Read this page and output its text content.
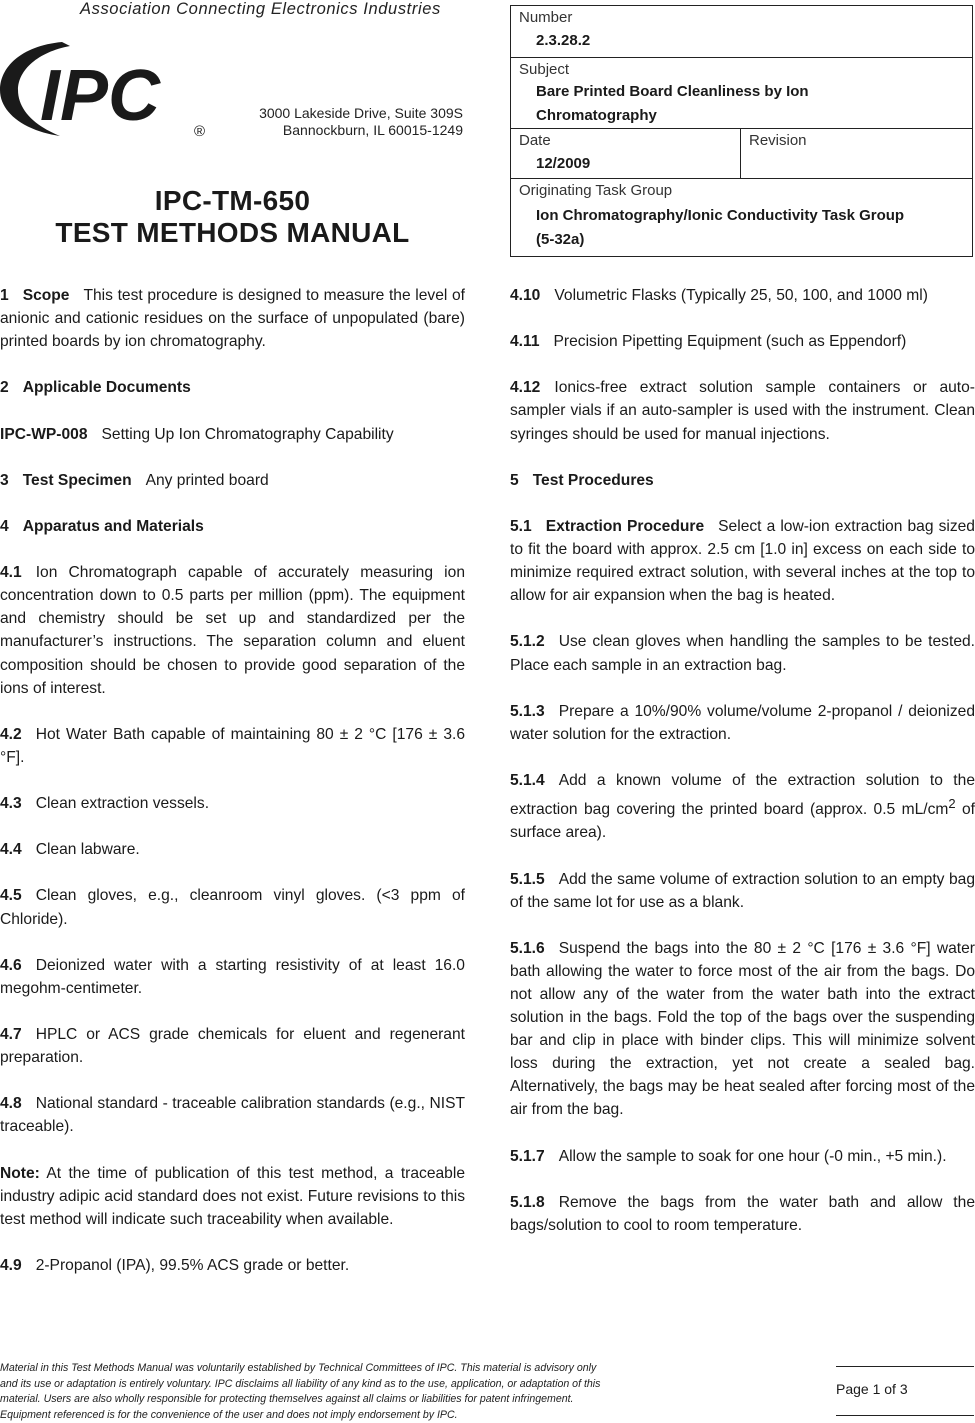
Association Connecting Electronics Industries
IPC ®
3000 Lakeside Drive, Suite 309S
Bannockburn, IL 60015-1249
IPC-TM-650
TEST METHODS MANUAL
Number
2.3.28.2
Subject
Bare Printed Board Cleanliness by Ion
Chromatography
Date
12/2009
Revision
Originating Task Group
Ion Chromatography/Ionic Conductivity Task Group
(5-32a)

1 Scope This test procedure is designed to measure the level of anionic and cationic residues on the surface of unpopulated (bare) printed boards by ion chromatography.

2 Applicable Documents

IPC-WP-008 Setting Up Ion Chromatography Capability

3 Test Specimen Any printed board

4 Apparatus and Materials

4.1 Ion Chromatograph capable of accurately measuring ion concentration down to 0.5 parts per million (ppm). The equipment and chemistry should be set up and standardized per the manufacturer’s instructions. The separation column and eluent composition should be chosen to provide good separation of the ions of interest.

4.2 Hot Water Bath capable of maintaining 80 ± 2 °C [176 ± 3.6 °F].

4.3 Clean extraction vessels.

4.4 Clean labware.

4.5 Clean gloves, e.g., cleanroom vinyl gloves. (<3 ppm of Chloride).

4.6 Deionized water with a starting resistivity of at least 16.0 megohm-centimeter.

4.7 HPLC or ACS grade chemicals for eluent and regenerant preparation.

4.8 National standard - traceable calibration standards (e.g., NIST traceable).

Note: At the time of publication of this test method, a traceable industry adipic acid standard does not exist. Future revisions to this test method will indicate such traceability when available.

4.9 2-Propanol (IPA), 99.5% ACS grade or better.

4.10 Volumetric Flasks (Typically 25, 50, 100, and 1000 ml)

4.11 Precision Pipetting Equipment (such as Eppendorf)

4.12 Ionics-free extract solution sample containers or auto-sampler vials if an auto-sampler is used with the instrument. Clean syringes should be used for manual injections.

5 Test Procedures

5.1 Extraction Procedure Select a low-ion extraction bag sized to fit the board with approx. 2.5 cm [1.0 in] excess on each side to minimize required extract solution, with several inches at the top to allow for air expansion when the bag is heated.

5.1.2 Use clean gloves when handling the samples to be tested. Place each sample in an extraction bag.

5.1.3 Prepare a 10%/90% volume/volume 2-propanol / deionized water solution for the extraction.

5.1.4 Add a known volume of the extraction solution to the extraction bag covering the printed board (approx. 0.5 $mL/cm^2$ of surface area).

5.1.5 Add the same volume of extraction solution to an empty bag of the same lot for use as a blank.

5.1.6 Suspend the bags into the 80 ± 2 °C [176 ± 3.6 °F] water bath allowing the water to force most of the air from the bags. Do not allow any of the water from the water bath into the extract solution in the bags. Fold the top of the bags over the suspending bar and clip in place with binder clips. This will minimize solvent loss during the extraction, yet not create a sealed bag. Alternatively, the bags may be heat sealed after forcing most of the air from the bag.

5.1.7 Allow the sample to soak for one hour (-0 min., +5 min.).

5.1.8 Remove the bags from the water bath and allow the bags/solution to cool to room temperature.

Material in this Test Methods Manual was voluntarily established by Technical Committees of IPC. This material is advisory only
and its use or adaptation is entirely voluntary. IPC disclaims all liability of any kind as to the use, application, or adaptation of this
material. Users are also wholly responsible for protecting themselves against all claims or liabilities for patent infringement.
Equipment referenced is for the convenience of the user and does not imply endorsement by IPC.
Page 1 of 3
